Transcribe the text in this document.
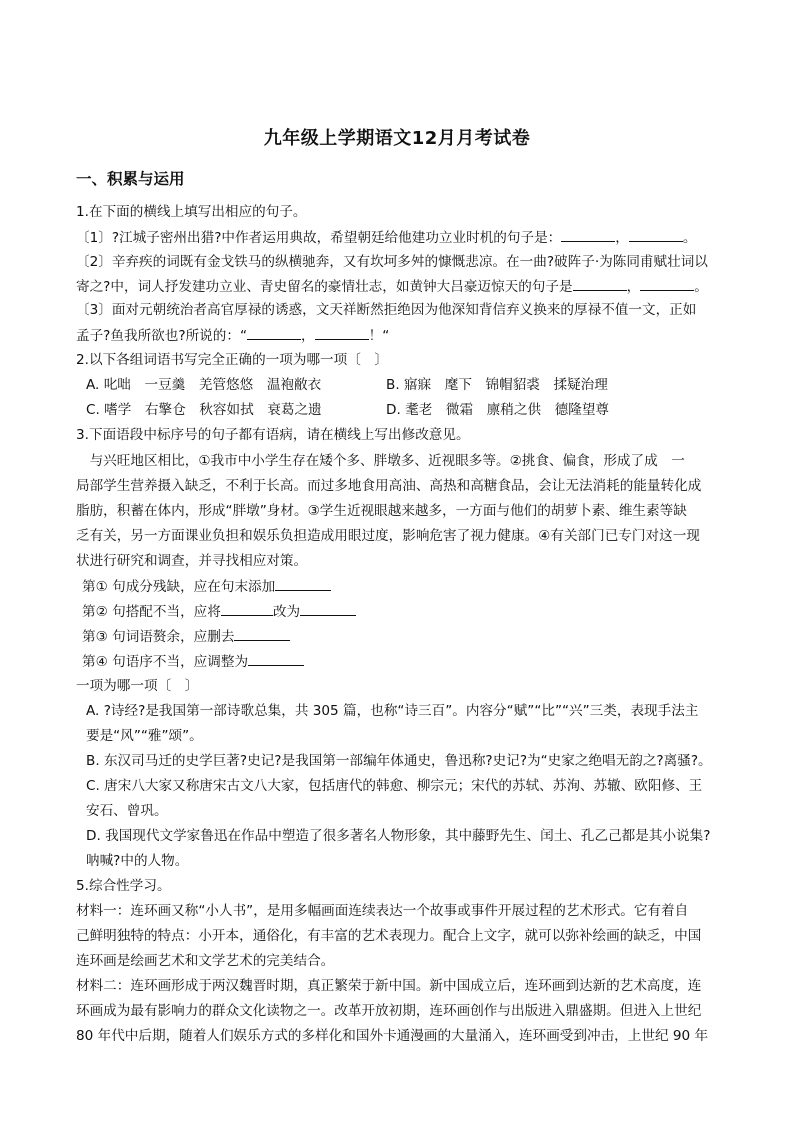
九年级上学期语文12月月考试卷
一、积累与运用
1.在下面的横线上填写出相应的句子。
〔1〕?江城子密州出猎?中作者运用典故，希望朝廷给他建功立业时机的句子是：	，	。
〔2〕辛弃疾的词既有金戈铁马的纵横驰奔，又有坎坷多舛的慷慨悲凉。在一曲?破阵子·为陈同甫赋壮词以
寄之?中，词人抒发建功立业、青史留名的豪情壮志，如黄钟大吕豪迈惊天的句子是	，	。
〔3〕面对元朝统治者高官厚禄的诱惑，文天祥断然拒绝因为他深知背信弃义换来的厚禄不值一文，正如
孟子?鱼我所欲也?所说的：“	，	！“
2.以下各组词语书写完全正确的一项为哪一项〔　〕
A. 叱咄　一豆羹　羌管悠悠　温袍敝衣	B. 寤寐　麾下　锦帽貂裘　揉疑治理
C. 嗜学　右擎仓　秋容如拭　衰葛之遗	D. 耄老　微霜　廪稍之供　德隆望尊
3.下面语段中标序号的句子都有语病，请在横线上写出修改意见。
　与兴旺地区相比，①我市中小学生存在矮个多、胖墩多、近视眼多等。②挑食、偏食，形成了成　一
局部学生营养摄入缺乏，不利于长高。而过多地食用高油、高热和高糖食品，会让无法消耗的能量转化成
脂肪，积蓄在体内，形成“胖墩”身材。③学生近视眼越来越多，一方面与他们的胡萝卜素、维生素等缺
乏有关，另一方面课业负担和娱乐负担造成用眼过度，影响危害了视力健康。④有关部门已专门对这一现
状进行研究和调查，并寻找相应对策。
第① 句成分残缺，应在句末添加
第② 句搭配不当，应将	改为
第③ 句词语赘余，应删去
第④ 句语序不当，应调整为
一项为哪一项〔　〕
A. ?诗经?是我国第一部诗歌总集，共 305 篇，也称“诗三百”。内容分“赋”“比”“兴”三类，表现手法主
要是“风”“雅”颂”。
B. 东汉司马迁的史学巨著?史记?是我国第一部编年体通史，鲁迅称?史记?为“史家之绝唱无韵之?离骚?。
C. 唐宋八大家又称唐宋古文八大家，包括唐代的韩愈、柳宗元；宋代的苏轼、苏洵、苏辙、欧阳修、王
安石、曾巩。
D. 我国现代文学家鲁迅在作品中塑造了很多著名人物形象，其中藤野先生、闰土、孔乙己都是其小说集?
呐喊?中的人物。
5.综合性学习。
材料一：连环画又称“小人书”，是用多幅画面连续表达一个故事或事件开展过程的艺术形式。它有着自
己鲜明独特的特点：小开本，通俗化，有丰富的艺术表现力。配合上文字，就可以弥补绘画的缺乏，中国
连环画是绘画艺术和文学艺术的完美结合。
材料二：连环画形成于两汉魏晋时期，真正繁荣于新中国。新中国成立后，连环画到达新的艺术高度，连
环画成为最有影响力的群众文化读物之一。改革开放初期，连环画创作与出版进入鼎盛期。但进入上世纪
80 年代中后期，随着人们娱乐方式的多样化和国外卡通漫画的大量涌入，连环画受到冲击，上世纪 90 年
